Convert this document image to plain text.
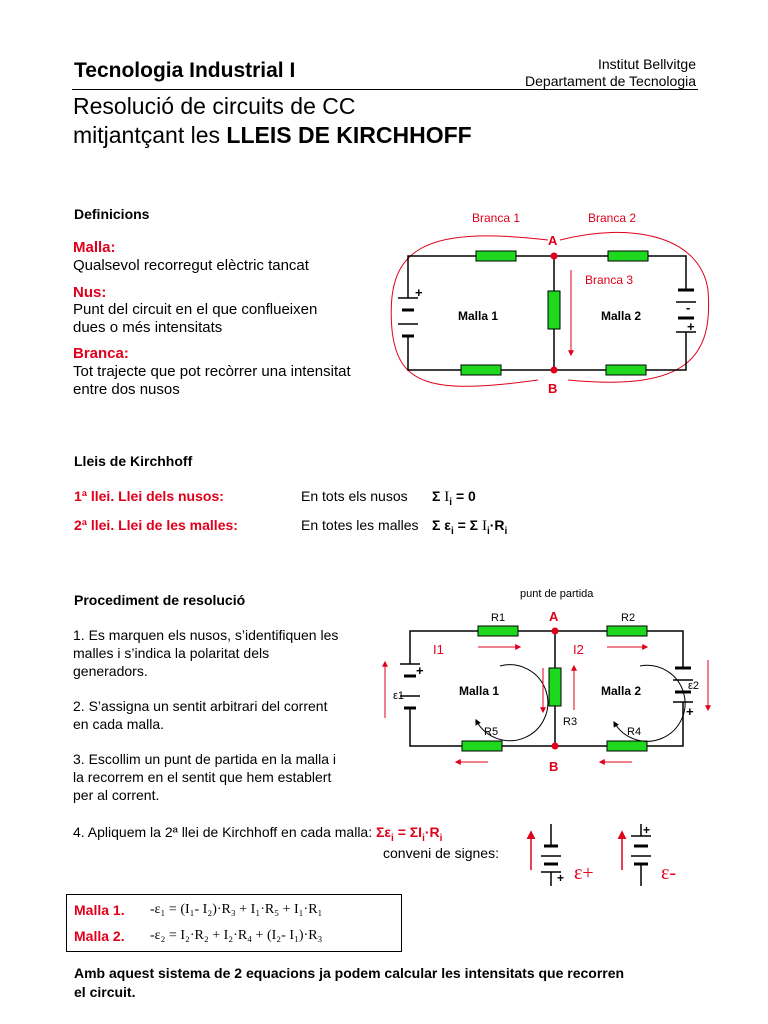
Tecnologia Industrial I	Institut Bellvitge
Departament de Tecnologia
Resolució de circuits de CC
mitjantçant les LLEIS DE KIRCHHOFF
Definicions
Malla:
Qualsevol recorregut elèctric tancat
Nus:
Punt del circuit en el que conflueixen
dues o més intensitats
Branca:
Tot trajecte que pot recòrrer una intensitat
entre dos nusos
Branca 1	Branca 2
Branca 3
A
B
Malla 1	Malla 2
+
-
+
Lleis de Kirchhoff
1ª llei. Llei dels nusos:	En tots els nusos Σ $I_i = 0$
2ª llei. Llei de les malles:	En totes les malles Σ $\varepsilon_i = \Sigma$ $I_i\cdot R_i$
Procediment de resolució
1. Es marquen els nusos, s’identifiquen les
malles i s’indica la polaritat dels
generadors.
2. S’assigna un sentit arbitrari del corrent
en cada malla.
3. Escollim un punt de partida en la malla i
la recorrem en el sentit que hem establert
per al corrent.
punt de partida
R1	R2
R3
R4
R5
I1	I2
ε1
ε2
A
B
Malla 1	Malla 2
+
+
4. Apliquem la 2ª llei de Kirchhoff en cada malla: $\Sigma\varepsilon_i = \Sigma I_i\cdot R_i$
conveni de signes:
+
+
ε+	ε-
Malla 1. -ε₁ = (I₁- I₂)·R₃ + I₁·R₅ + I₁·R₁
Malla 2. -ε₂ = I₂·R₂ + I₂·R₄ + (I₂- I₁)·R₃
Amb aquest sistema de 2 equacions ja podem calcular les intensitats que recorren
el circuit.
